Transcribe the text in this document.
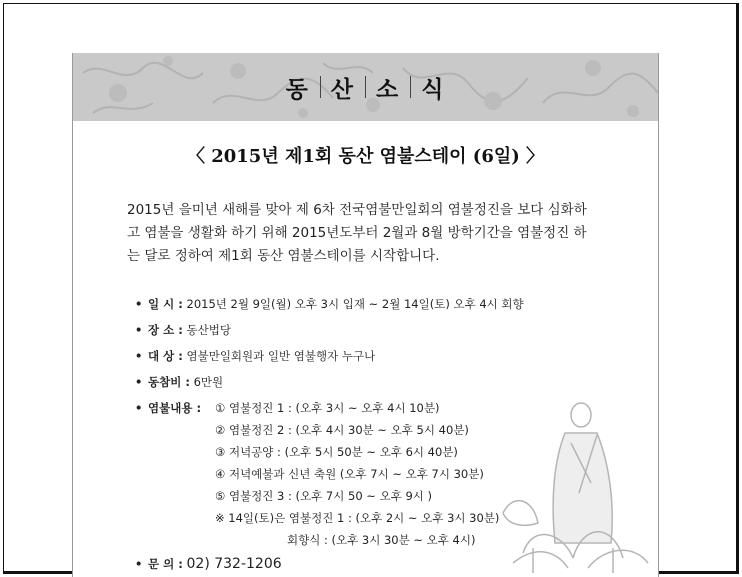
동 산 소 식
〈 2015년 제1회 동산 염불스테이 (6일) 〉
2015년 을미년 새해를 맞아 제 6차 전국염불만일회의 염불정진을 보다 심화하
고 염불을 생활화 하기 위해 2015년도부터 2월과 8월 방학기간을 염불정진 하
는 달로 정하여 제1회 동산 염불스테이를 시작합니다.
• 일 시 : 2015년 2월 9일(월) 오후 3시 입재 ~ 2월 14일(토) 오후 4시 회향
• 장 소 : 동산법당
• 대 상 : 염불만일회원과 일반 염불행자 누구나
• 동참비 : 6만원
• 염불내용 : ① 염불정진 1 : (오후 3시 ~ 오후 4시 10분)
② 염불정진 2 : (오후 4시 30분 ~ 오후 5시 40분)
③ 저녁공양 : (오후 5시 50분 ~ 오후 6시 40분)
④ 저녁예불과 신년 축원 (오후 7시 ~ 오후 7시 30분)
⑤ 염불정진 3 : (오후 7시 50 ~ 오후 9시 )
※ 14일(토)은 염불정진 1 : (오후 2시 ~ 오후 3시 30분)
회향식 : (오후 3시 30분 ~ 오후 4시)
• 문 의 : 02) 732-1206
